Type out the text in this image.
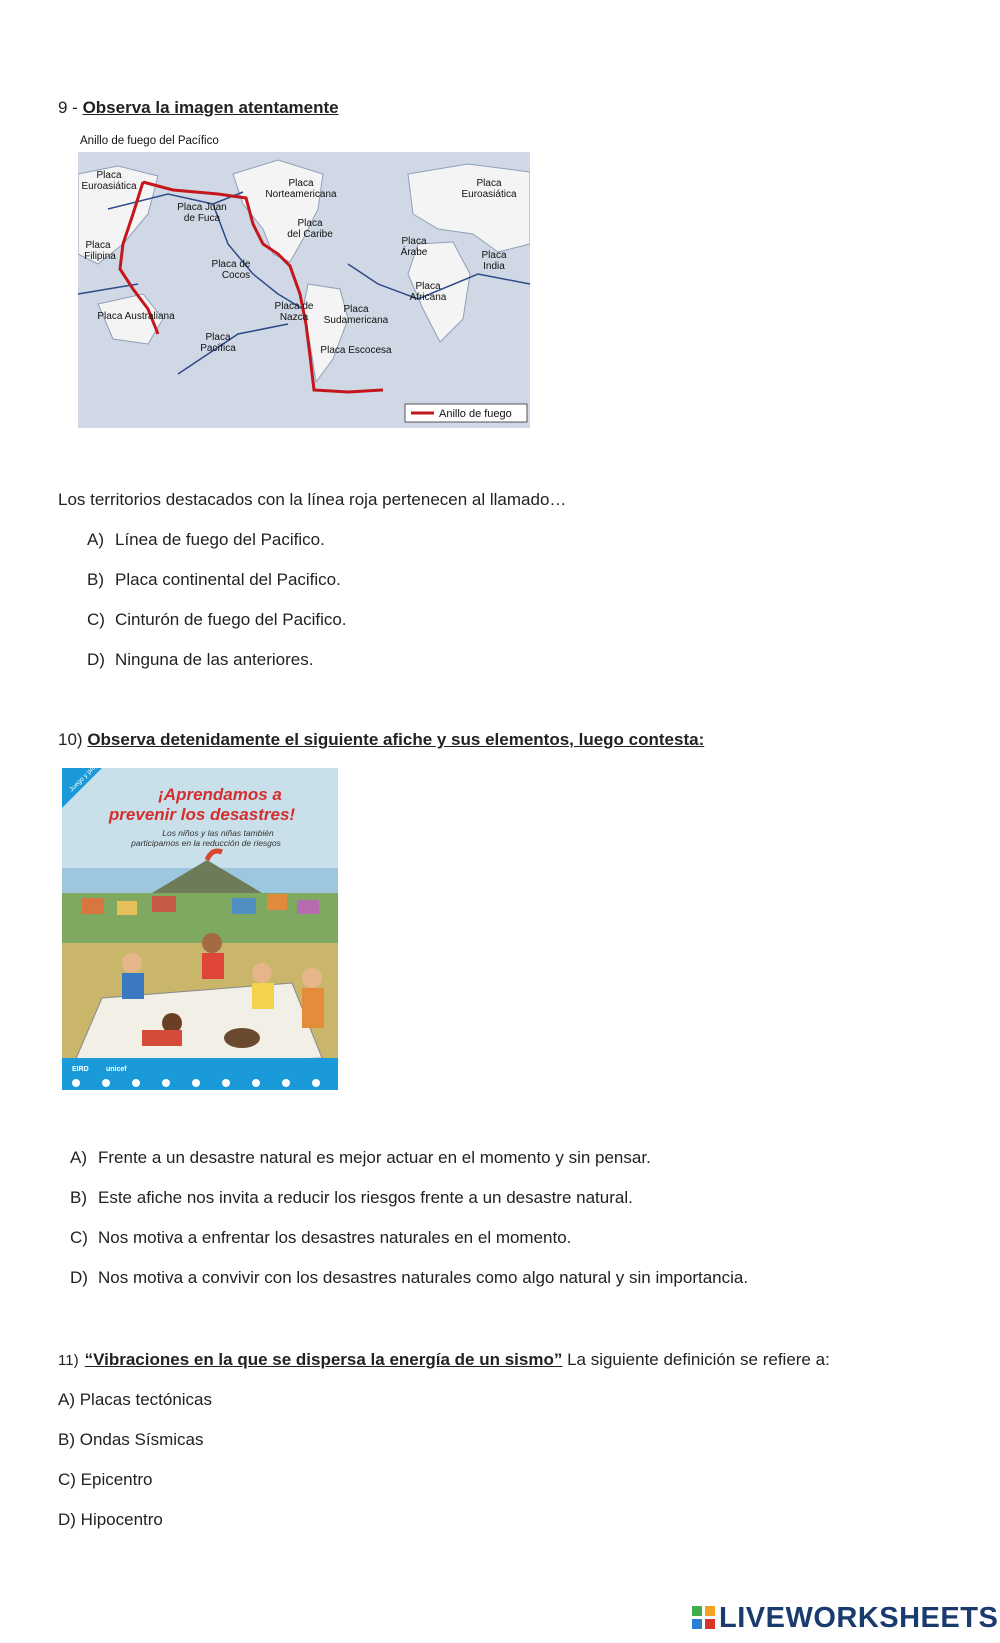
9 - Observa la imagen atentamente
Anillo de fuego del Pacífico
Placa
Euroasiática	Placa
Norteamericana
Placa
Euroasiática
Placa Juan
de Fuca	Placa
del Caribe
Placa
Árabe	Placa
India
Placa
Filipina
Placa de
Cocos
Placa
Africana
Placa de
Nazca
Placa
Sudamericana
Placa Australiana
Placa
Pacífica	Placa Escocesa
Anillo de fuego
Los territorios destacados con la línea roja pertenecen al llamado…
A) Línea de fuego del Pacifico.
B) Placa continental del Pacifico.
C) Cinturón de fuego del Pacifico.
D) Ninguna de las anteriores.
10) Observa detenidamente el siguiente afiche y sus elementos, luego contesta:
¡Aprendamos a
prevenir los desastres!
Los niños y las niñas también
participamos en la reducción de riesgos
EIRD unicef
A) Frente a un desastre natural es mejor actuar en el momento y sin pensar.
B) Este afiche nos invita a reducir los riesgos frente a un desastre natural.
C) Nos motiva a enfrentar los desastres naturales en el momento.
D) Nos motiva a convivir con los desastres naturales como algo natural y sin importancia.
11) “Vibraciones en la que se dispersa la energía de un sismo” La siguiente definición se refiere a:
A) Placas tectónicas
B) Ondas Sísmicas
C) Epicentro
D) Hipocentro
LIVEWORKSHEETS
